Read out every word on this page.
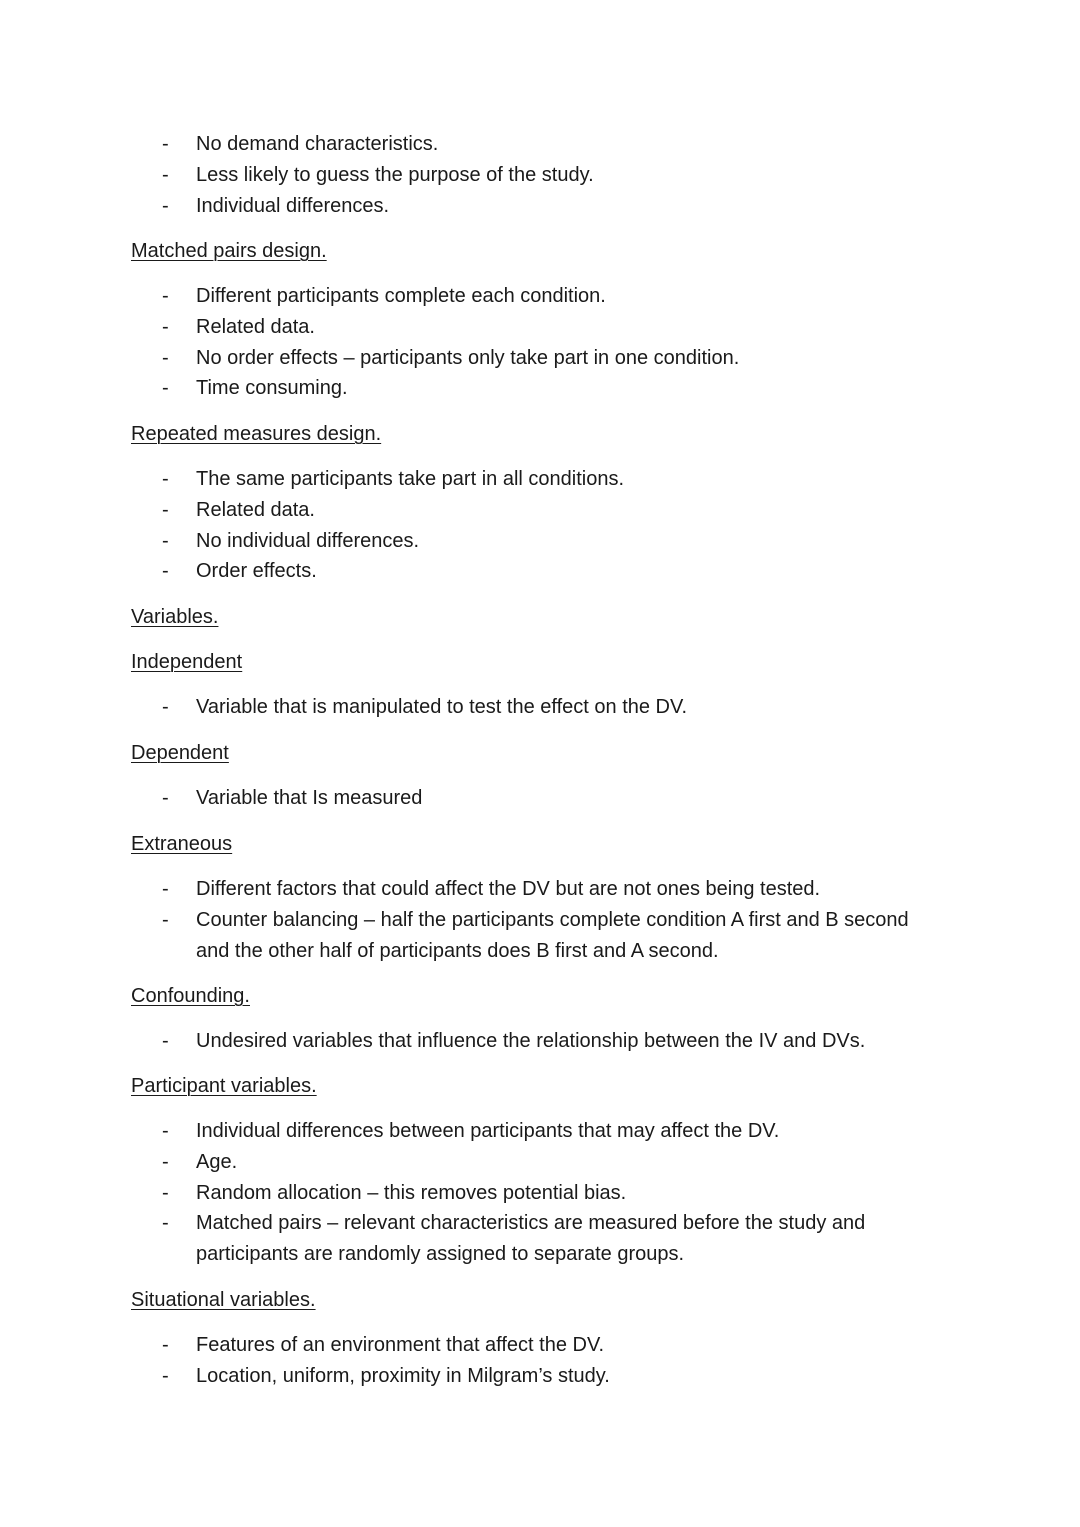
- No demand characteristics.
- Less likely to guess the purpose of the study.
- Individual differences.
Matched pairs design.
- Different participants complete each condition.
- Related data.
- No order effects – participants only take part in one condition.
- Time consuming.
Repeated measures design.
- The same participants take part in all conditions.
- Related data.
- No individual differences.
- Order effects.
Variables.
Independent
- Variable that is manipulated to test the effect on the DV.
Dependent
- Variable that Is measured
Extraneous
- Different factors that could affect the DV but are not ones being tested.
- Counter balancing – half the participants complete condition A first and B second and the other half of participants does B first and A second.
Confounding.
- Undesired variables that influence the relationship between the IV and DVs.
Participant variables.
- Individual differences between participants that may affect the DV.
- Age.
- Random allocation – this removes potential bias.
- Matched pairs – relevant characteristics are measured before the study and participants are randomly assigned to separate groups.
Situational variables.
- Features of an environment that affect the DV.
- Location, uniform, proximity in Milgram’s study.
